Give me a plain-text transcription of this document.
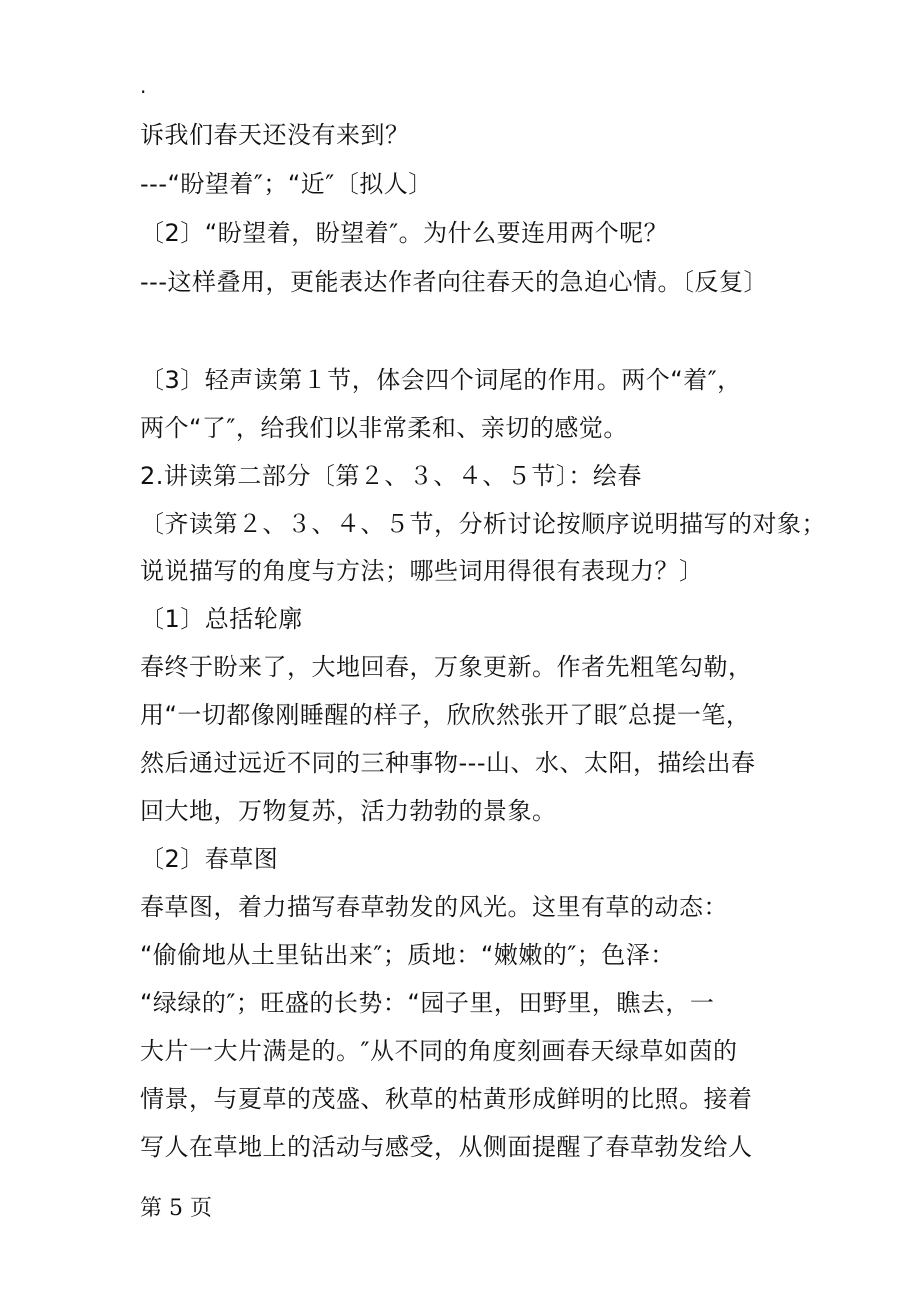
.
诉我们春天还没有来到？
---“盼望着″；“近″〔拟人〕
〔2〕“盼望着，盼望着″。为什么要连用两个呢？
---这样叠用，更能表达作者向往春天的急迫心情。〔反复〕
〔3〕轻声读第１节，体会四个词尾的作用。两个“着″，
两个“了″，给我们以非常柔和、亲切的感觉。
2.讲读第二部分〔第２、３、４、５节〕：绘春
〔齐读第２、３、４、５节，分析讨论按顺序说明描写的对象；
说说描写的角度与方法；哪些词用得很有表现力？〕
〔1〕总括轮廓
春终于盼来了，大地回春，万象更新。作者先粗笔勾勒，
用“一切都像刚睡醒的样子，欣欣然张开了眼″总提一笔，
然后通过远近不同的三种事物---山、水、太阳，描绘出春
回大地，万物复苏，活力勃勃的景象。
〔2〕春草图
春草图，着力描写春草勃发的风光。这里有草的动态：
“偷偷地从土里钻出来″；质地：“嫩嫩的″；色泽：
“绿绿的″；旺盛的长势：“园子里，田野里，瞧去，一
大片一大片满是的。″从不同的角度刻画春天绿草如茵的
情景，与夏草的茂盛、秋草的枯黄形成鲜明的比照。接着
写人在草地上的活动与感受，从侧面提醒了春草勃发给人
第 5 页
